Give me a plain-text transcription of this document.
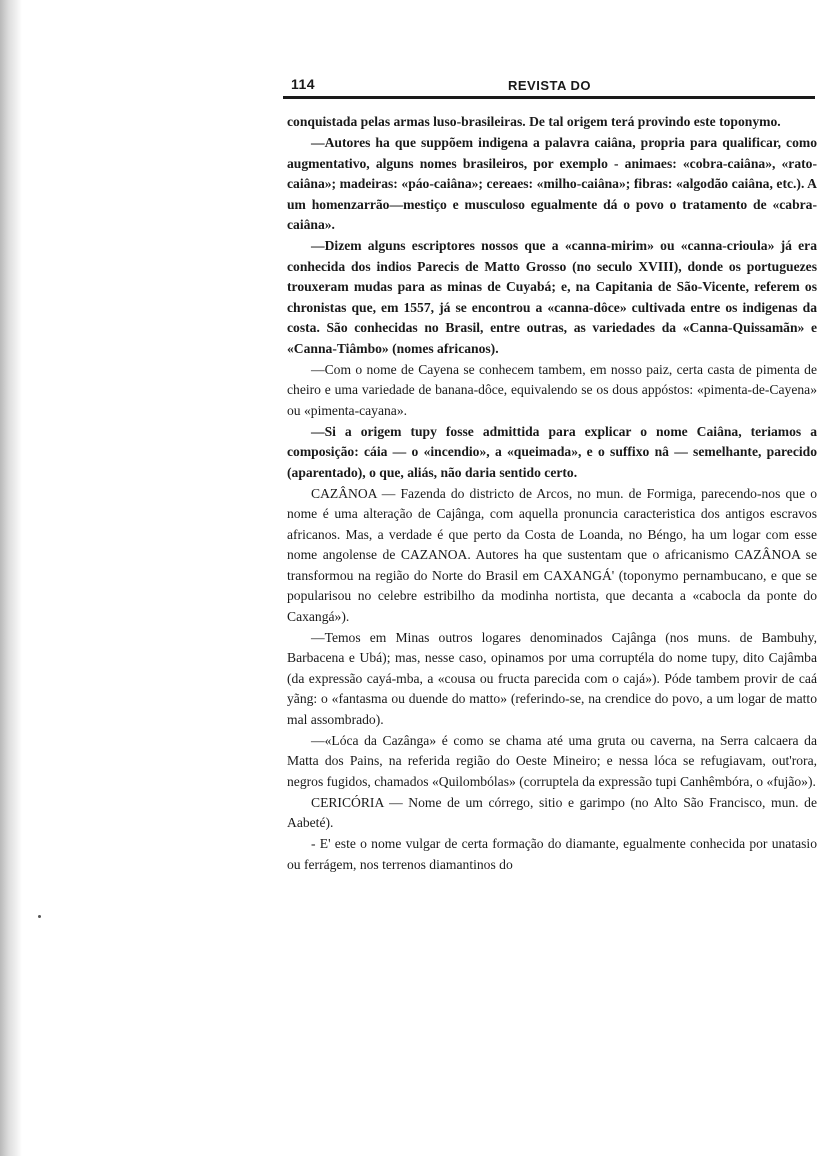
114	REVISTA DO

conquistada pelas armas luso-brasileiras. De tal origem terá provindo este toponymo.

—Autores ha que suppõem indigena a palavra caiâna, propria para qualificar, como augmentativo, alguns nomes brasileiros, por exemplo - animaes: «cobra-caiâna», «rato-caiâna»; madeiras: «páo-caiâna»; cereaes: «milho-caiâna»; fibras: «algodão caiâna, etc.). A um homenzarrão—mestiço e musculoso egualmente dá o povo o tratamento de «cabra-caiâna».

—Dizem alguns escriptores nossos que a «canna-mirim» ou «canna-crioula» já era conhecida dos indios Parecis de Matto Grosso (no seculo XVIII), donde os portuguezes trouxeram mudas para as minas de Cuyabá; e, na Capitania de São-Vicente, referem os chronistas que, em 1557, já se encontrou a «canna-dôce» cultivada entre os indigenas da costa. São conhecidas no Brasil, entre outras, as variedades da «Canna-Quissamãn» e «Canna-Tiâmbo» (nomes africanos).

—Com o nome de Cayena se conhecem tambem, em nosso paiz, certa casta de pimenta de cheiro e uma variedade de banana-dôce, equivalendo se os dous appóstos: «pimenta-de-Cayena» ou «pimenta-cayana».

—Si a origem tupy fosse admittida para explicar o nome Caiâna, teriamos a composição: cáia — o «incendio», a «queimada», e o suffixo nâ — semelhante, parecido (aparentado), o que, aliás, não daria sentido certo.

CAZÂNOA — Fazenda do districto de Arcos, no mun. de Formiga, parecendo-nos que o nome é uma alteração de Cajânga, com aquella pronuncia caracteristica dos antigos escravos africanos. Mas, a verdade é que perto da Costa de Loanda, no Béngo, ha um logar com esse nome angolense de CAZANOA. Autores ha que sustentam que o africanismo CAZÂNOA se transformou na região do Norte do Brasil em CAXANGÁ' (toponymo pernambucano, e que se popularisou no celebre estribilho da modinha nortista, que decanta a «cabocla da ponte do Caxangá»).

—Temos em Minas outros logares denominados Cajânga (nos muns. de Bambuhy, Barbacena e Ubá); mas, nesse caso, opinamos por uma corruptéla do nome tupy, dito Cajâmba (da expressão cayá-mba, a «cousa ou fructa parecida com o cajá»). Póde tambem provir de caá yãng: o «fantasma ou duende do matto» (referindo-se, na crendice do povo, a um logar de matto mal assombrado).

—«Lóca da Cazânga» é como se chama até uma gruta ou caverna, na Serra calcaera da Matta dos Pains, na referida região do Oeste Mineiro; e nessa lóca se refugiavam, out'rora, negros fugidos, chamados «Quilombólas» (corruptela da expressão tupi Canhêmbóra, o «fujão»).

CERICÓRIA — Nome de um córrego, sitio e garimpo (no Alto São Francisco, mun. de Aabeté).

- E' este o nome vulgar de certa formação do diamante, egualmente conhecida por unatasio ou ferrágem, nos terrenos diamantinos do
